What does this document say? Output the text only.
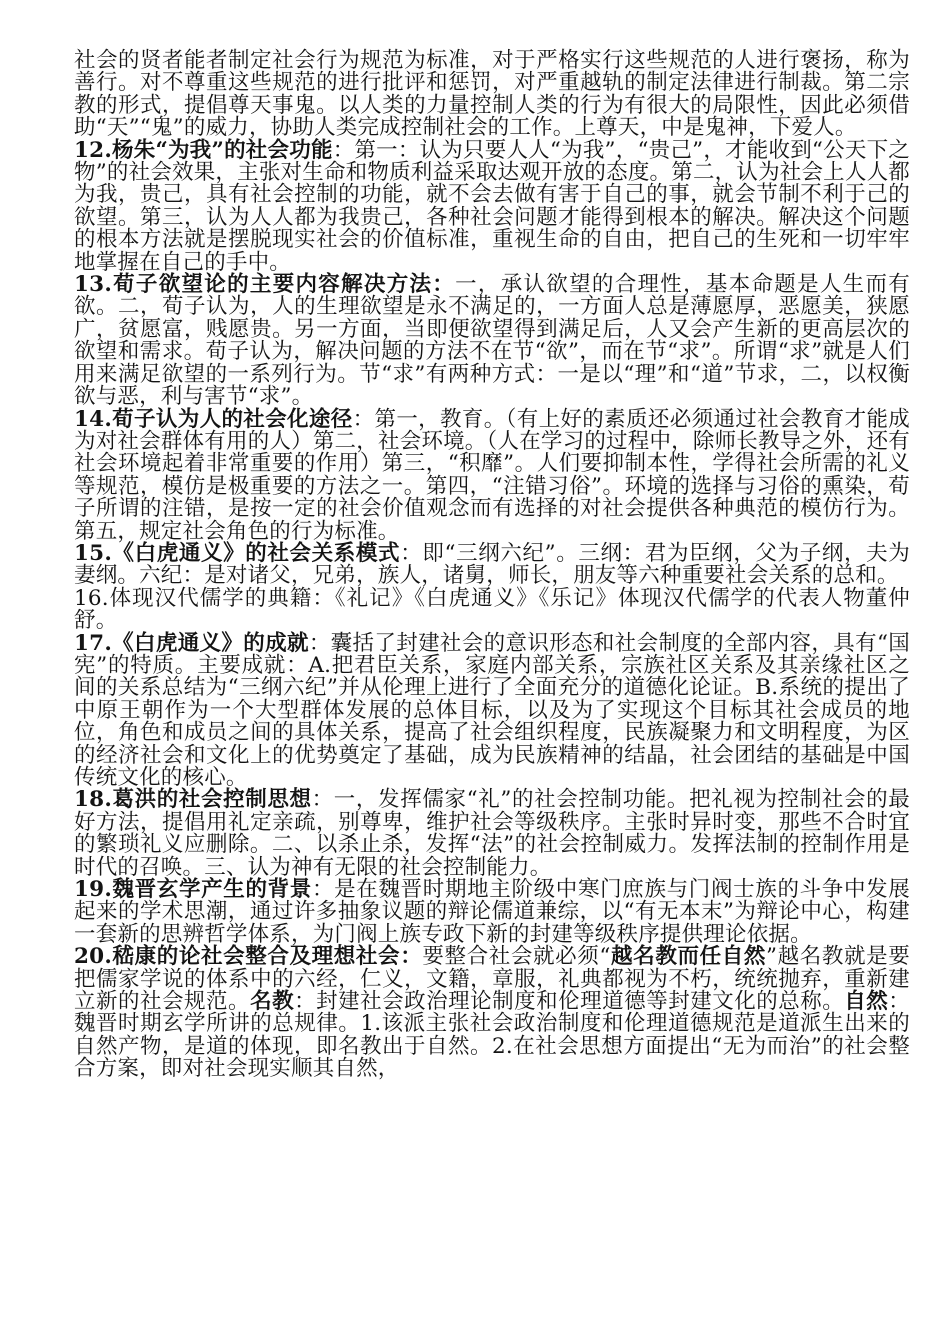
社会的贤者能者制定社会行为规范为标准，对于严格实行这些规范的人进行褒扬，称为善行。对不尊重这些规范的进行批评和惩罚，对严重越轨的制定法律进行制裁。第二宗教的形式，提倡尊天事鬼。以人类的力量控制人类的行为有很大的局限性，因此必须借助“天”“鬼”的威力，协助人类完成控制社会的工作。上尊天，中是鬼神，下爱人。

12.杨朱“为我”的社会功能：第一：认为只要人人“为我”，“贵己”，才能收到“公天下之物”的社会效果，主张对生命和物质利益采取达观开放的态度。第二，认为社会上人人都为我，贵己，具有社会控制的功能，就不会去做有害于自己的事，就会节制不利于己的欲望。第三，认为人人都为我贵己，各种社会问题才能得到根本的解决。解决这个问题的根本方法就是摆脱现实社会的价值标准，重视生命的自由，把自己的生死和一切牢牢地掌握在自己的手中。

13.荀子欲望论的主要内容解决方法：一，承认欲望的合理性，基本命题是人生而有欲。二，荀子认为，人的生理欲望是永不满足的，一方面人总是薄愿厚，恶愿美，狭愿广，贫愿富，贱愿贵。另一方面，当即便欲望得到满足后，人又会产生新的更高层次的欲望和需求。荀子认为，解决问题的方法不在节“欲”，而在节“求”。所谓“求”就是人们用来满足欲望的一系列行为。节“求”有两种方式：一是以“理”和“道”节求，二，以权衡欲与恶，利与害节“求”。

14.荀子认为人的社会化途径：第一，教育。（有上好的素质还必须通过社会教育才能成为对社会群体有用的人）第二，社会环境。（人在学习的过程中，除师长教导之外，还有社会环境起着非常重要的作用）第三，“积靡”。人们要抑制本性，学得社会所需的礼义等规范，模仿是极重要的方法之一。第四，“注错习俗”。环境的选择与习俗的熏染，荀子所谓的注错，是按一定的社会价值观念而有选择的对社会提供各种典范的模仿行为。第五，规定社会角色的行为标准。

15.《白虎通义》的社会关系模式：即“三纲六纪”。三纲：君为臣纲，父为子纲，夫为妻纲。六纪：是对诸父，兄弟，族人，诸舅，师长，朋友等六种重要社会关系的总和。

16.体现汉代儒学的典籍：《礼记》《白虎通义》《乐记》体现汉代儒学的代表人物董仲舒。

17.《白虎通义》的成就：囊括了封建社会的意识形态和社会制度的全部内容，具有“国宪”的特质。主要成就：A.把君臣关系，家庭内部关系，宗族社区关系及其亲缘社区之间的关系总结为“三纲六纪”并从伦理上进行了全面充分的道德化论证。B.系统的提出了中原王朝作为一个大型群体发展的总体目标，以及为了实现这个目标其社会成员的地位，角色和成员之间的具体关系，提高了社会组织程度，民族凝聚力和文明程度，为区的经济社会和文化上的优势奠定了基础，成为民族精神的结晶，社会团结的基础是中国传统文化的核心。

18.葛洪的社会控制思想：一，发挥儒家“礼”的社会控制功能。把礼视为控制社会的最好方法，提倡用礼定亲疏，别尊卑，维护社会等级秩序。主张时异时变，那些不合时宜的繁琐礼义应删除。二、以杀止杀，发挥“法”的社会控制威力。发挥法制的控制作用是时代的召唤。三、认为神有无限的社会控制能力。

19.魏晋玄学产生的背景：是在魏晋时期地主阶级中寒门庶族与门阀士族的斗争中发展起来的学术思潮，通过许多抽象议题的辩论儒道兼综，以“有无本末”为辩论中心，构建一套新的思辨哲学体系，为门阀上族专政下新的封建等级秩序提供理论依据。

20.嵇康的论社会整合及理想社会：要整合社会就必须“越名教而任自然”越名教就是要把儒家学说的体系中的六经，仁义，文籍，章服，礼典都视为不朽，统统抛弃，重新建立新的社会规范。名教：封建社会政治理论制度和伦理道德等封建文化的总称。自然：魏晋时期玄学所讲的总规律。1.该派主张社会政治制度和伦理道德规范是道派生出来的自然产物，是道的体现，即名教出于自然。2.在社会思想方面提出“无为而治”的社会整合方案，即对社会现实顺其自然，
